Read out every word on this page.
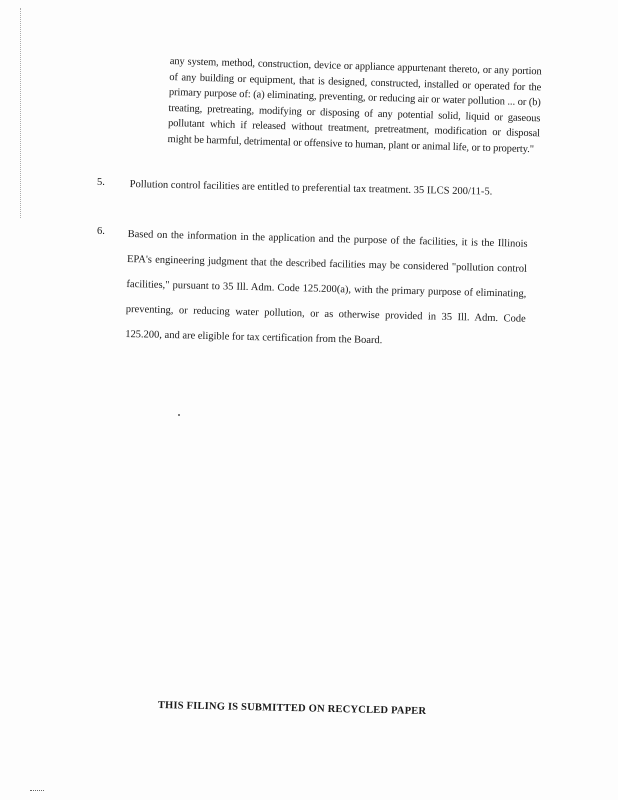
any system, method, construction, device or appliance appurtenant thereto, or any portion of any building or equipment, that is designed, constructed, installed or operated for the primary purpose of: (a) eliminating, preventing, or reducing air or water pollution ... or (b) treating, pretreating, modifying or disposing of any potential solid, liquid or gaseous pollutant which if released without treatment, pretreatment, modification or disposal might be harmful, detrimental or offensive to human, plant or animal life, or to property."

5. Pollution control facilities are entitled to preferential tax treatment. 35 ILCS 200/11-5.
6. Based on the information in the application and the purpose of the facilities, it is the Illinois EPA's engineering judgment that the described facilities may be considered "pollution control facilities," pursuant to 35 Ill. Adm. Code 125.200(a), with the primary purpose of eliminating, preventing, or reducing water pollution, or as otherwise provided in 35 Ill. Adm. Code 125.200, and are eligible for tax certification from the Board.
THIS FILING IS SUBMITTED ON RECYCLED PAPER
